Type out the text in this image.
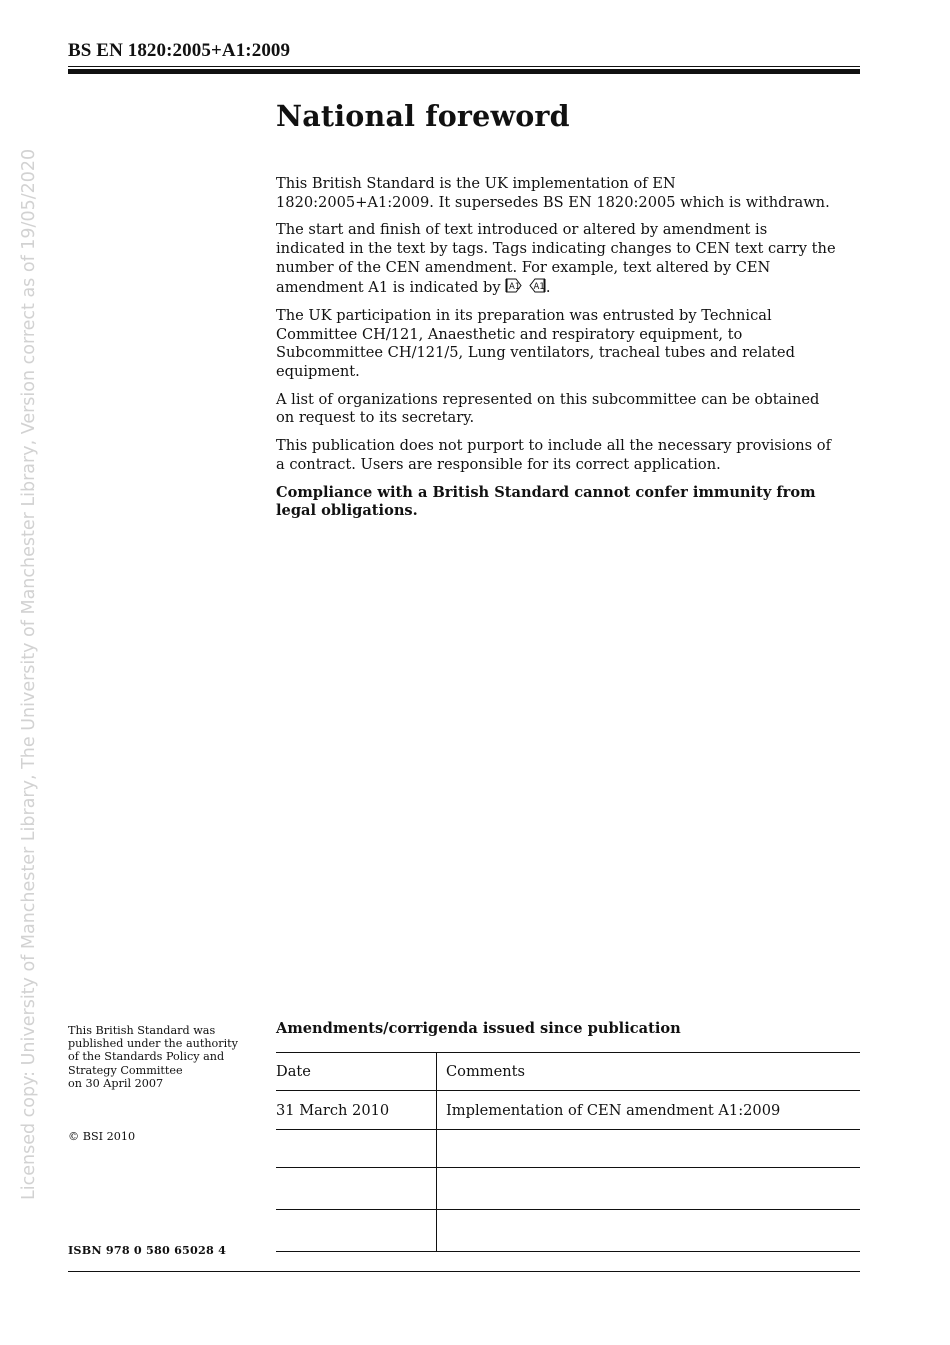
BS EN 1820:2005+A1:2009
Licensed copy: University of Manchester Library, The University of Manchester Library, Version correct as of 19/05/2020
National foreword

This British Standard is the UK implementation of EN 1820:2005+A1:2009. It supersedes BS EN 1820:2005 which is withdrawn.

The start and finish of text introduced or altered by amendment is indicated in the text by tags. Tags indicating changes to CEN text carry the number of the CEN amendment. For example, text altered by CEN amendment A1 is indicated by A1
A1 .

The UK participation in its preparation was entrusted by Technical Committee CH/121, Anaesthetic and respiratory equipment, to Subcommittee CH/121/5, Lung ventilators, tracheal tubes and related equipment.

A list of organizations represented on this subcommittee can be obtained on request to its secretary.

This publication does not purport to include all the necessary provisions of a contract. Users are responsible for its correct application.

Compliance with a British Standard cannot confer immunity from legal obligations.

This British Standard was
published under the authority
of the Standards Policy and
Strategy Committee
on 30 April 2007
© BSI 2010
ISBN 978 0 580 65028 4
Amendments/corrigenda issued since publication
Date	Comments
31 March 2010	Implementation of CEN amendment A1:2009
